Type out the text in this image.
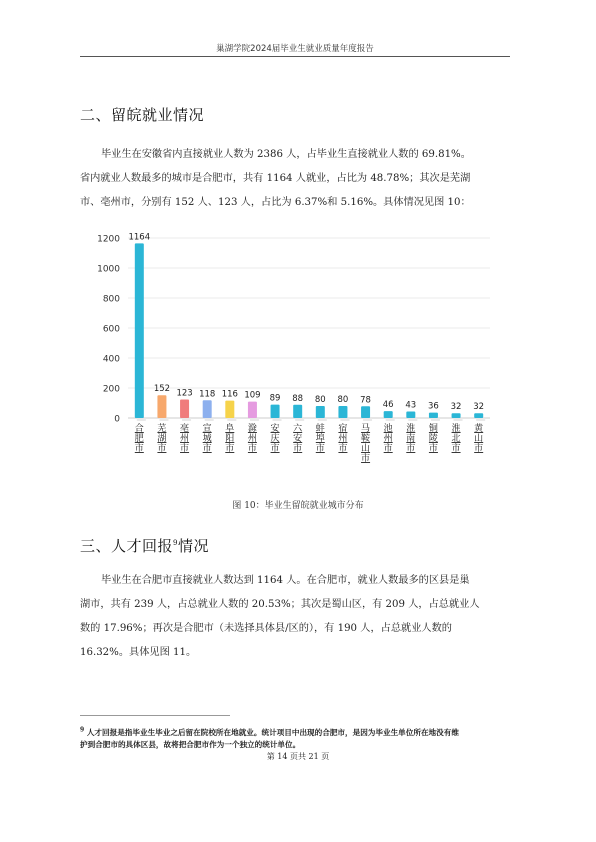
巢湖学院2024届毕业生就业质量年度报告
二、留皖就业情况
毕业生在安徽省内直接就业人数为 2386 人，占毕业生直接就业人数的 69.81%。
省内就业人数最多的城市是合肥市，共有 1164 人就业，占比为 48.78%；其次是芜湖
市、亳州市，分别有 152 人、123 人，占比为 6.37%和 5.16%。具体情况见图 10：
0
200
400
600
800
1000
1200 1164
合
肥
市
152
芜
湖
市
123
亳
州
市
118
宣
城
市
116
阜
阳
市
109
滁
州
市
89
安
庆
市
88
六
安
市
80
蚌
埠
市
80
宿
州
市
78
马
鞍
山
市
46
池
州
市
43
淮
南
市
36
铜
陵
市
32
淮
北
市
32
黄
山
市
图 10：毕业生留皖就业城市分布
三、人才回报$^9$情况
毕业生在合肥市直接就业人数达到 1164 人。在合肥市，就业人数最多的区县是巢
湖市，共有 239 人，占总就业人数的 20.53%；其次是蜀山区，有 209 人，占总就业人
数的 17.96%；再次是合肥市（未选择具体县/区的），有 190 人，占总就业人数的
16.32%。具体见图 11。
$^9$ 人才回报是指毕业生毕业之后留在院校所在地就业。统计项目中出现的合肥市，是因为毕业生单位所在地没有维
护到合肥市的具体区县，故将把合肥市作为一个独立的统计单位。
第 14 页共 21 页
